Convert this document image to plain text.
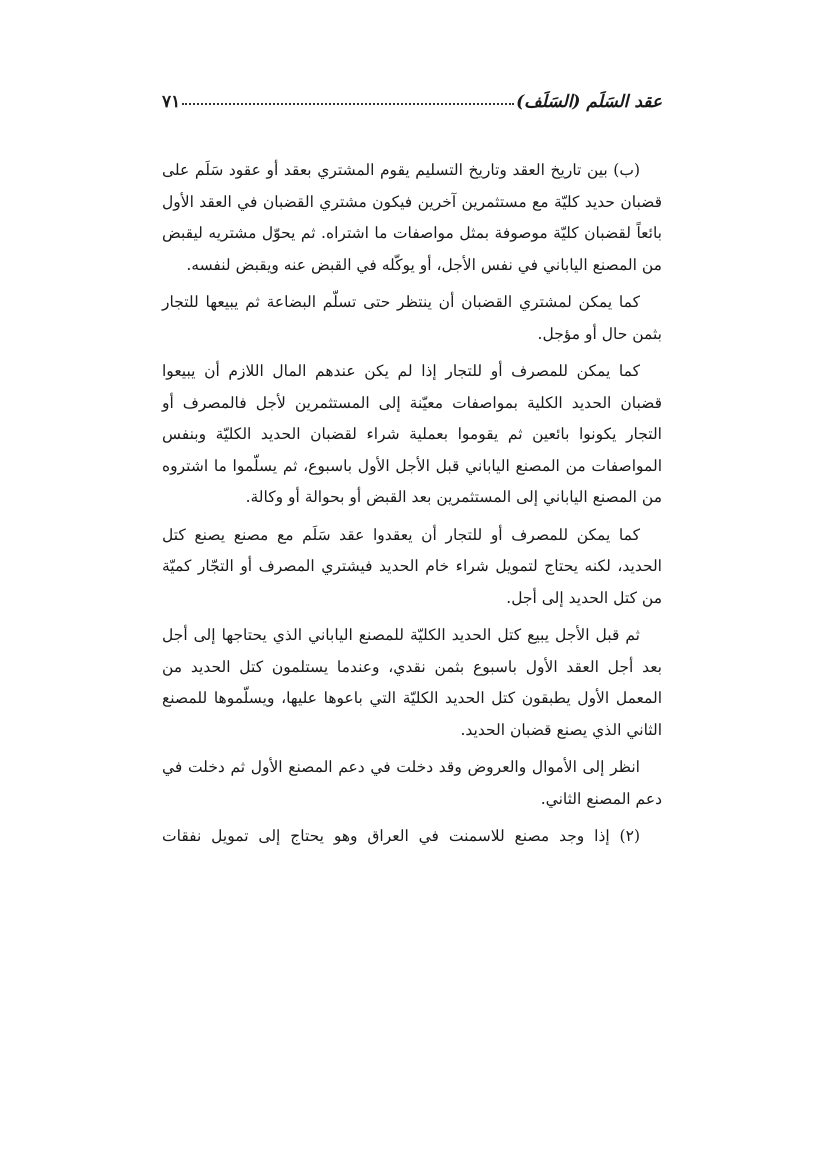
عقد السَلَم (السَلَف)
٧١

(ب) بين تاريخ العقد وتاريخ التسليم يقوم المشتري بعقد أو عقود سَلَم على قضبان حديد كليّة مع مستثمرين آخرين فيكون مشتري القضبان في العقد الأول بائعاً لقضبان كليّة موصوفة بمثل مواصفات ما اشتراه. ثم يحوّل مشتريه ليقبض من المصنع الياباني في نفس الأجل، أو يوكّله في القبض عنه ويقبض لنفسه.

كما يمكن لمشتري القضبان أن ينتظر حتى تسلّم البضاعة ثم يبيعها للتجار بثمن حال أو مؤجل.

كما يمكن للمصرف أو للتجار إذا لم يكن عندهم المال اللازم أن يبيعوا قضبان الحديد الكلية بمواصفات معيّنة إلى المستثمرين لأجل فالمصرف أو التجار يكونوا بائعين ثم يقوموا بعملية شراء لقضبان الحديد الكليّة وبنفس المواصفات من المصنع الياباني قبل الأجل الأول باسبوع، ثم يسلّموا ما اشتروه من المصنع الياباني إلى المستثمرين بعد القبض أو بحوالة أو وكالة.

كما يمكن للمصرف أو للتجار أن يعقدوا عقد سَلَم مع مصنع يصنع كتل الحديد، لكنه يحتاج لتمويل شراء خام الحديد فيشتري المصرف أو التجّار كميّة من كتل الحديد إلى أجل.

ثم قبل الأجل يبيع كتل الحديد الكليّة للمصنع الياباني الذي يحتاجها إلى أجل بعد أجل العقد الأول باسبوع بثمن نقدي، وعندما يستلمون كتل الحديد من المعمل الأول يطبقون كتل الحديد الكليّة التي باعوها عليها، ويسلّموها للمصنع الثاني الذي يصنع قضبان الحديد.

انظر إلى الأموال والعروض وقد دخلت في دعم المصنع الأول ثم دخلت في دعم المصنع الثاني.

(٢) إذا وجد مصنع للاسمنت في العراق وهو يحتاج إلى تمويل نفقات
